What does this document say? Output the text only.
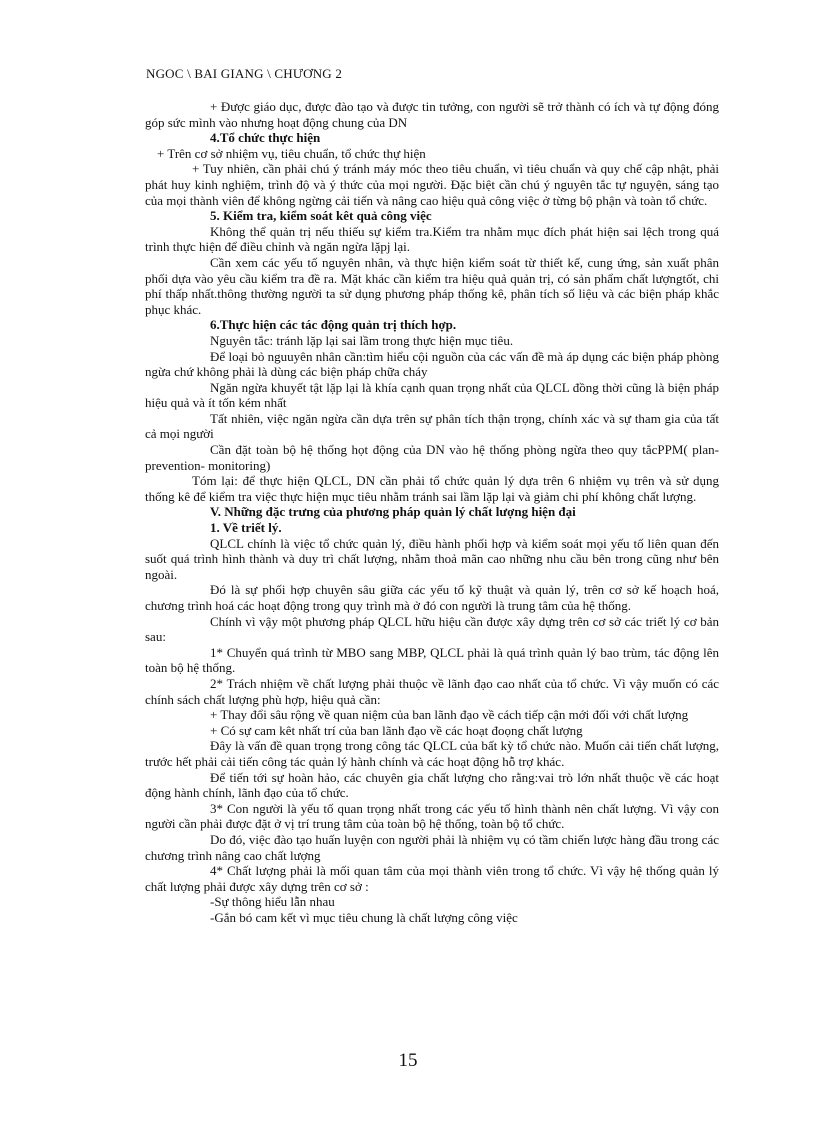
NGOC \ BAI GIANG \ CHƯƠNG 2

+ Được giáo dục, được đào tạo và được tin tưởng, con người sẽ trở thành có ích và tự động đóng góp sức mình vào nhưng hoạt động chung của DN

4.Tổ chức thực hiện

+ Trên cơ sở nhiệm vụ, tiêu chuẩn, tổ chức thự hiện

+ Tuy nhiên, cần phải chú ý tránh máy móc theo tiêu chuẩn, vì tiêu chuẩn và quy chế cập nhật, phải phát huy kinh nghiệm, trình độ và ý thức của mọi người. Đặc biệt cần chú ý nguyên tắc tự nguyện, sáng tạo của mọi thành viên để không ngừng cải tiến và nâng cao hiệu quả công việc ở từng bộ phận và toàn tổ chức.

5. Kiểm tra, kiểm soát kêt quả công việc

Không thể quản trị nếu thiếu sự kiểm tra.Kiểm tra nhằm mục đích phát hiện sai lệch trong quá trình thực hiện để điều chỉnh và ngăn ngừa lặpj lại.

Cần xem các yếu tố nguyên nhân, và thực hiện kiểm soát từ thiết kế, cung ứng, sản xuất phân phối dựa vào yêu cầu kiểm tra đề ra. Mặt khác cần kiểm tra hiệu quả quản trị, có sản phẩm chất lượngtốt, chi phí thấp nhất.thông thường người ta sử dụng phương pháp thống kê, phân tích số liệu và các biện pháp khắc phục khác.

6.Thực hiện các tác động quản trị thích hợp.

Nguyên tắc: tránh lặp lại sai lầm trong thực hiện mục tiêu.

Để loại bỏ nguuyên nhân cần:tìm hiểu cội nguồn của các vấn đề mà áp dụng các biện pháp phòng ngừa chứ không phải là dùng các biện pháp chữa cháy

Ngăn ngừa khuyết tật lặp lại là khía cạnh quan trọng nhất của QLCL đồng thời cũng là biện pháp hiệu quả và ít tốn kém nhất

Tất nhiên, việc ngăn ngừa cần dựa trên sự phân tích thận trọng, chính xác và sự tham gia của tất cả mọi người

Cần đặt toàn bộ hệ thống họt động của DN vào hệ thống phòng ngừa theo quy tắcPPM( plan-prevention- monitoring)

Tóm lại: để thực hiện QLCL, DN cần phải tổ chức quản lý dựa trên 6 nhiệm vụ trên và sử dụng thống kê để kiểm tra việc thực hiện mục tiêu nhằm tránh sai lầm lặp lại và giảm chi phí không chất lượng.

V. Những đặc trưng của phương pháp quản lý chất lượng hiện đại

1. Về triết lý.

QLCL chính là việc tổ chức quản lý, điều hành phối hợp và kiểm soát mọi yếu tố liên quan đến suốt quá trình hình thành và duy trì chất lượng, nhằm thoả mãn cao những nhu cầu bên trong cũng như bên ngoài.

Đó là sự phối hợp chuyên sâu giữa các yếu tố kỹ thuật và quản lý, trên cơ sở kế hoạch hoá, chương trình hoá các hoạt động trong quy trình mà ở đó con người là trung tâm của hệ thống.

Chính vì vậy một phương pháp QLCL hữu hiệu cần được xây dựng trên cơ sở các triết lý cơ bản sau:

1* Chuyển quá trình từ MBO sang MBP, QLCL phải là quá trình quản lý bao trùm, tác động lên toàn bộ hệ thống.

2* Trách nhiệm về chất lượng phải thuộc về lãnh đạo cao nhất của tổ chức. Vì vậy muốn có các chính sách chất lượng phù hợp, hiệu quả cần:

+ Thay đổi sâu rộng về quan niệm của ban lãnh đạo về cách tiếp cận mới đối với chất lượng

+ Có sự cam kêt nhất trí của ban lãnh đạo về các hoạt đoọng chất lượng

Đây là vấn đề quan trọng trong công tác QLCL của bất kỳ tổ chức nào. Muốn cải tiến chất lượng, trước hết phải cải tiến công tác quản lý hành chính và các hoạt động hỗ trợ khác.

Để tiến tới sự hoàn hảo, các chuyên gia chất lượng cho rằng:vai trò lớn nhất thuộc về các hoạt động hành chính, lãnh đạo của tổ chức.

3* Con người là yếu tố quan trọng nhất trong các yếu tố hình thành nên chất lượng. Vì vậy con người cần phải được đặt ở vị trí trung tâm của toàn bộ hệ thống, toàn bộ tổ chức.

Do đó, việc đào tạo huấn luyện con người phải là nhiệm vụ có tầm chiến lược hàng đầu trong các chương trình nâng cao chất lượng

4* Chất lượng phải là mối quan tâm của mọi thành viên trong tổ chức. Vì vậy hệ thống quản lý chất lượng phải được xây dựng trên cơ sở :

-Sự thông hiểu lẫn nhau

-Gắn bó cam kết vì mục tiêu chung là chất lượng công việc

15
